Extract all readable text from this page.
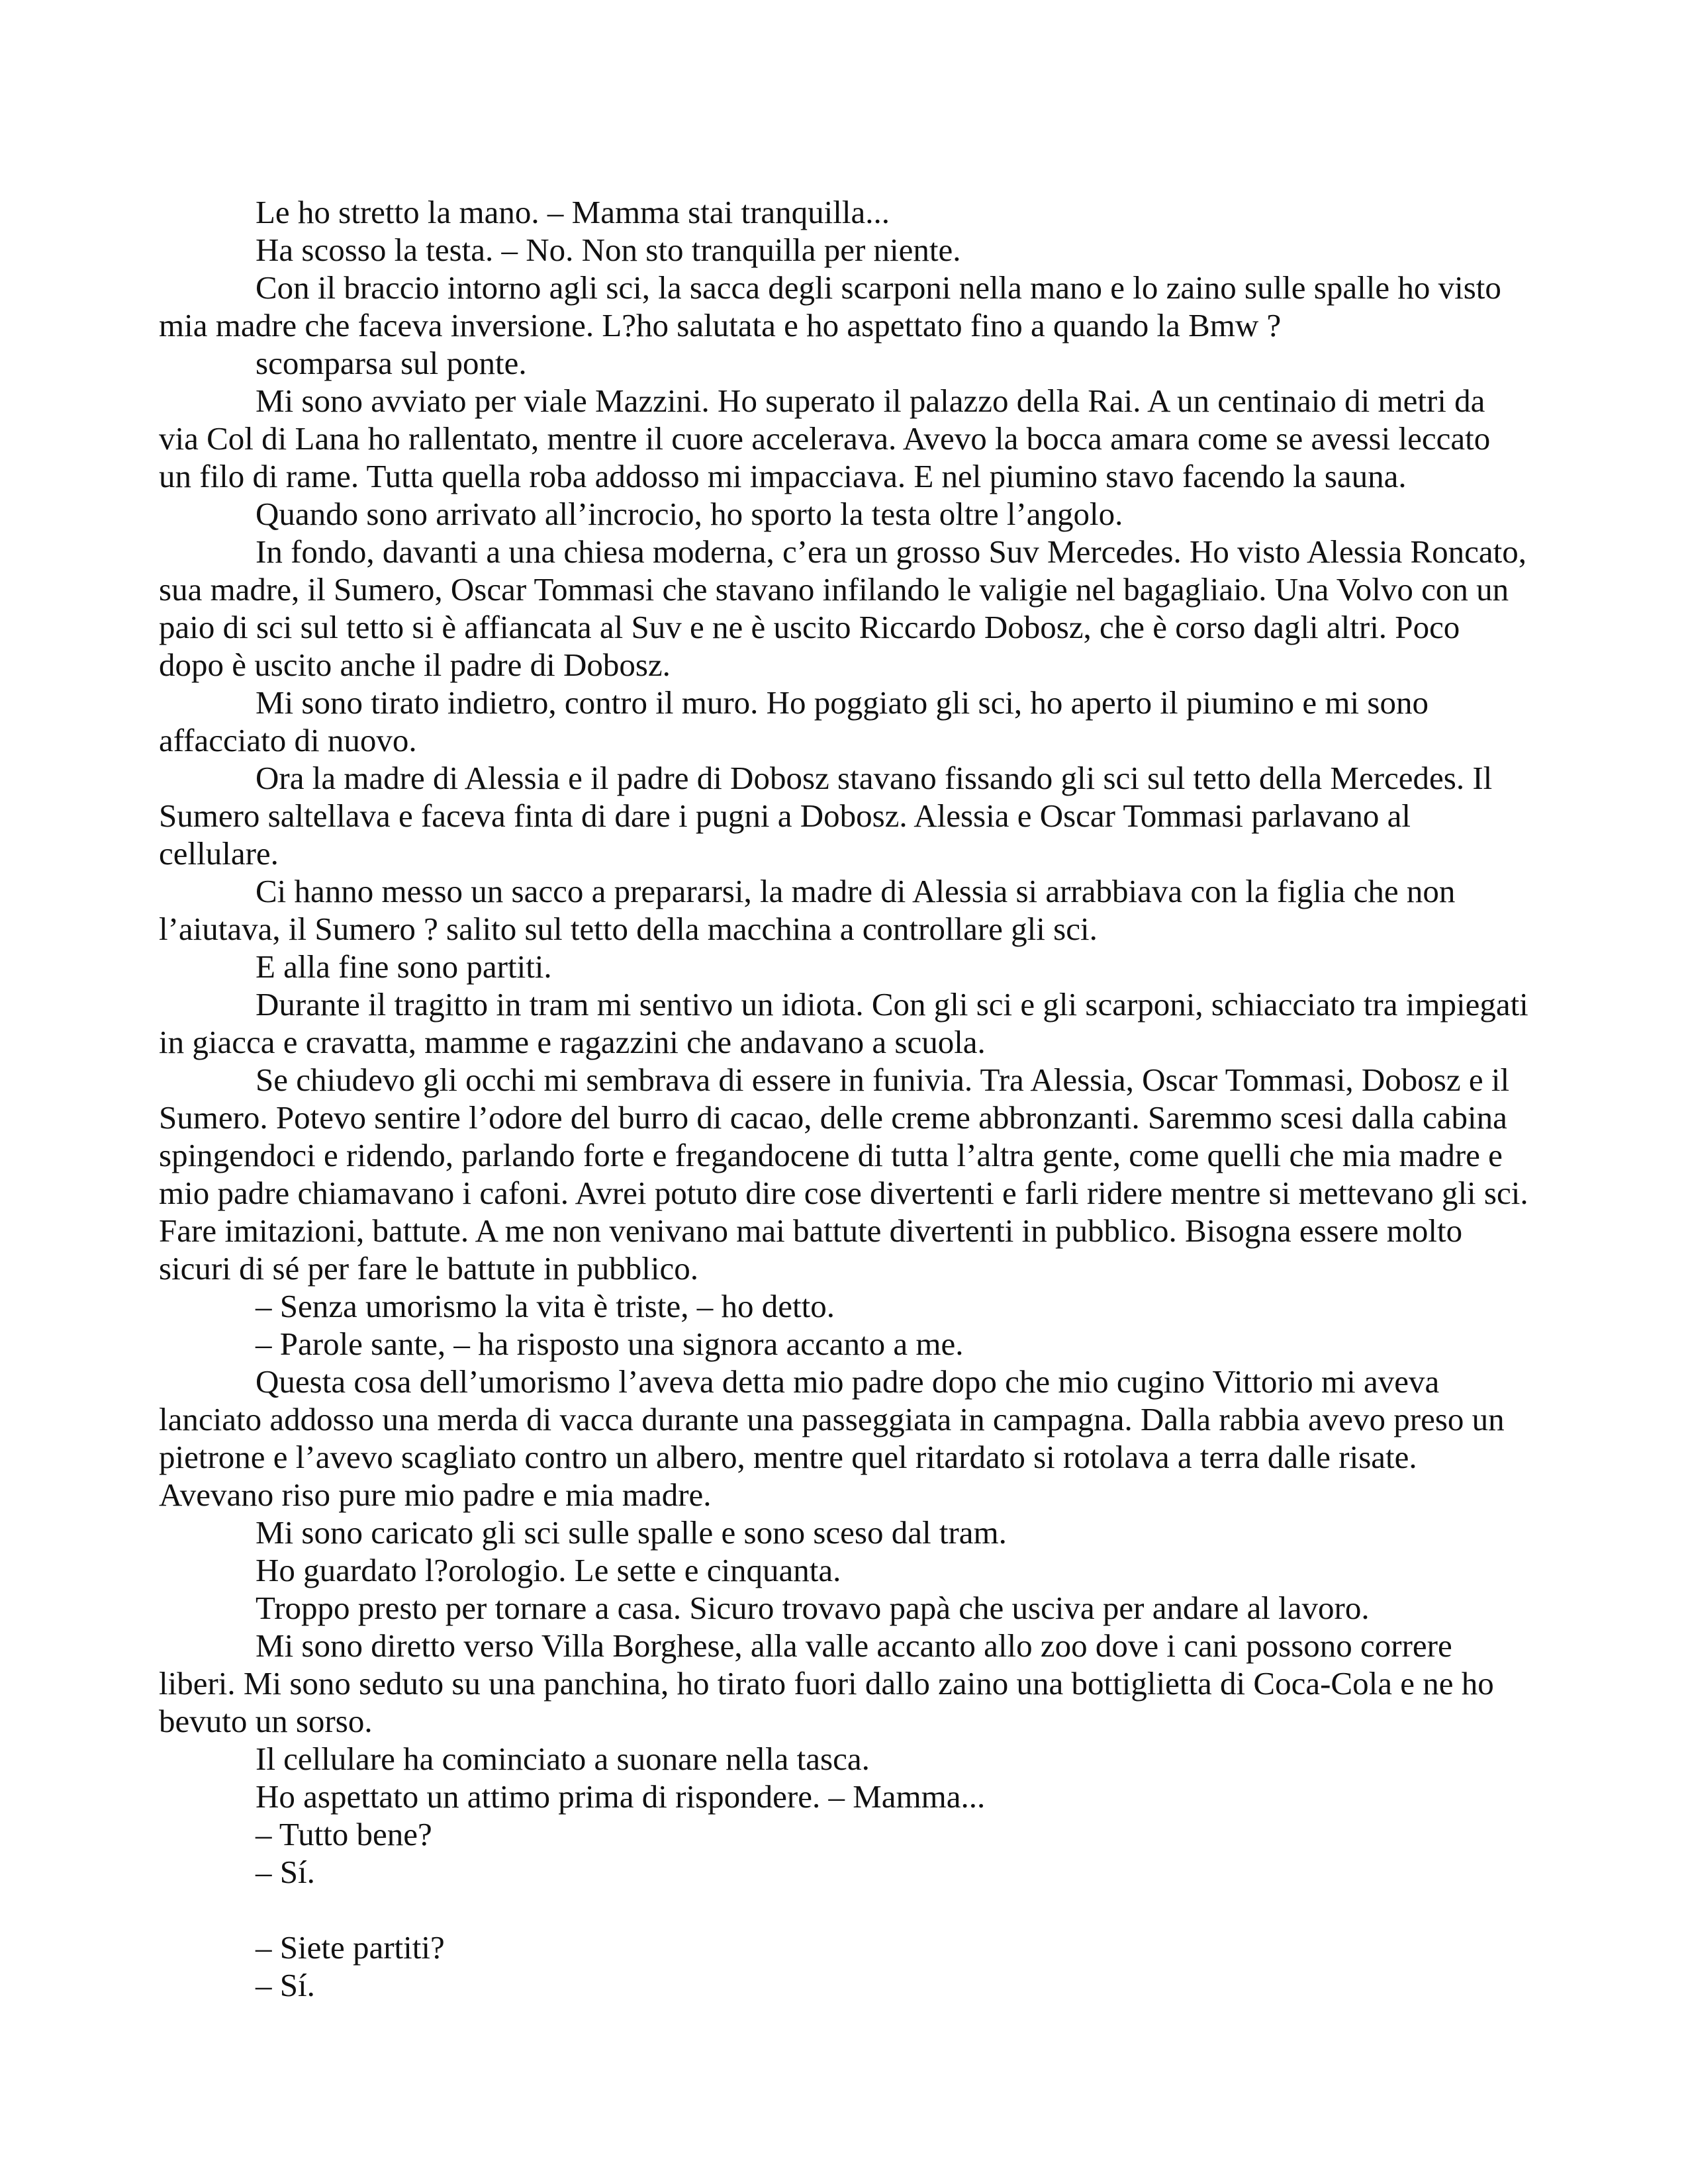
Le ho stretto la mano. – Mamma stai tranquilla...

Ha scosso la testa. – No. Non sto tranquilla per niente.

Con il braccio intorno agli sci, la sacca degli scarponi nella mano e lo zaino sulle spalle ho visto mia madre che faceva inversione. L?ho salutata e ho aspettato fino a quando la Bmw ?

scomparsa sul ponte.

Mi sono avviato per viale Mazzini. Ho superato il palazzo della Rai. A un centinaio di metri da via Col di Lana ho rallentato, mentre il cuore accelerava. Avevo la bocca amara come se avessi leccato un filo di rame. Tutta quella roba addosso mi impacciava. E nel piumino stavo facendo la sauna.

Quando sono arrivato all’incrocio, ho sporto la testa oltre l’angolo.

In fondo, davanti a una chiesa moderna, c’era un grosso Suv Mercedes. Ho visto Alessia Roncato, sua madre, il Sumero, Oscar Tommasi che stavano infilando le valigie nel bagagliaio. Una Volvo con un paio di sci sul tetto si è affiancata al Suv e ne è uscito Riccardo Dobosz, che è corso dagli altri. Poco dopo è uscito anche il padre di Dobosz.

Mi sono tirato indietro, contro il muro. Ho poggiato gli sci, ho aperto il piumino e mi sono affacciato di nuovo.

Ora la madre di Alessia e il padre di Dobosz stavano fissando gli sci sul tetto della Mercedes. Il Sumero saltellava e faceva finta di dare i pugni a Dobosz. Alessia e Oscar Tommasi parlavano al cellulare.

Ci hanno messo un sacco a prepararsi, la madre di Alessia si arrabbiava con la figlia che non l’aiutava, il Sumero ? salito sul tetto della macchina a controllare gli sci.

E alla fine sono partiti.

Durante il tragitto in tram mi sentivo un idiota. Con gli sci e gli scarponi, schiacciato tra impiegati in giacca e cravatta, mamme e ragazzini che andavano a scuola.

Se chiudevo gli occhi mi sembrava di essere in funivia. Tra Alessia, Oscar Tommasi, Dobosz e il Sumero. Potevo sentire l’odore del burro di cacao, delle creme abbronzanti. Saremmo scesi dalla cabina spingendoci e ridendo, parlando forte e fregandocene di tutta l’altra gente, come quelli che mia madre e mio padre chiamavano i cafoni. Avrei potuto dire cose divertenti e farli ridere mentre si mettevano gli sci. Fare imitazioni, battute. A me non venivano mai battute divertenti in pubblico. Bisogna essere molto sicuri di sé per fare le battute in pubblico.

– Senza umorismo la vita è triste, – ho detto.

– Parole sante, – ha risposto una signora accanto a me.

Questa cosa dell’umorismo l’aveva detta mio padre dopo che mio cugino Vittorio mi aveva lanciato addosso una merda di vacca durante una passeggiata in campagna. Dalla rabbia avevo preso un pietrone e l’avevo scagliato contro un albero, mentre quel ritardato si rotolava a terra dalle risate. Avevano riso pure mio padre e mia madre.

Mi sono caricato gli sci sulle spalle e sono sceso dal tram.

Ho guardato l?orologio. Le sette e cinquanta.

Troppo presto per tornare a casa. Sicuro trovavo papà che usciva per andare al lavoro.

Mi sono diretto verso Villa Borghese, alla valle accanto allo zoo dove i cani possono correre liberi. Mi sono seduto su una panchina, ho tirato fuori dallo zaino una bottiglietta di Coca-Cola e ne ho bevuto un sorso.

Il cellulare ha cominciato a suonare nella tasca.

Ho aspettato un attimo prima di rispondere. – Mamma...

– Tutto bene?

– Sí.

– Siete partiti?

– Sí.
